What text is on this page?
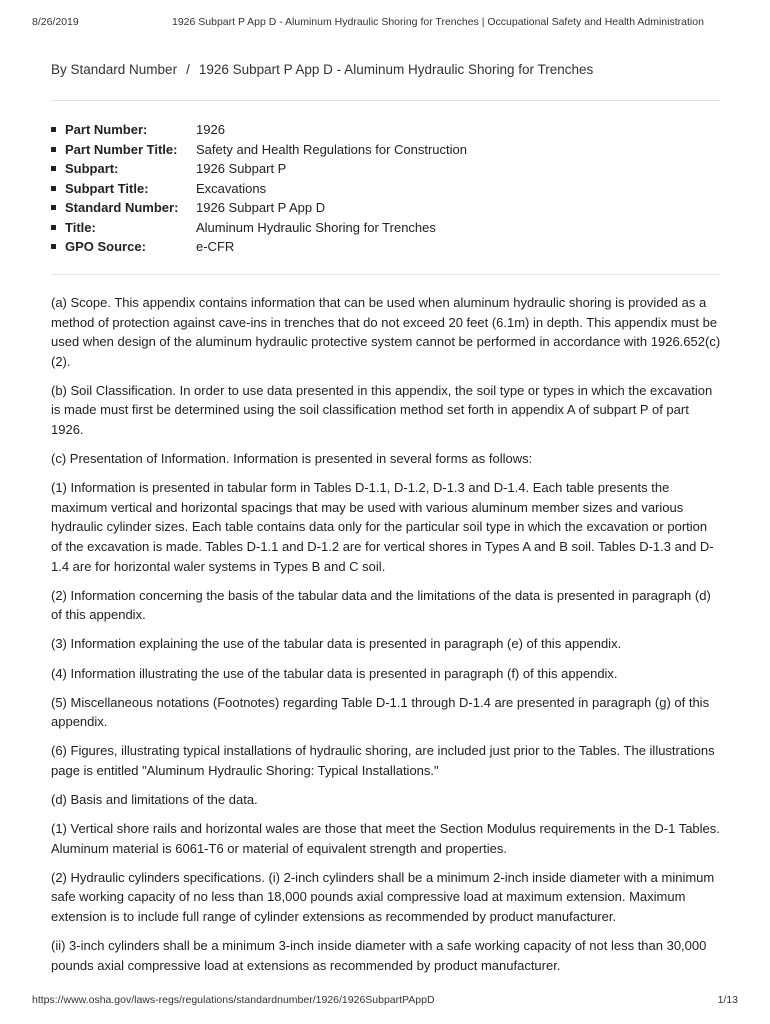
8/26/2019	1926 Subpart P App D - Aluminum Hydraulic Shoring for Trenches | Occupational Safety and Health Administration
By Standard Number / 1926 Subpart P App D - Aluminum Hydraulic Shoring for Trenches
Part Number:	1926
Part Number Title:	Safety and Health Regulations for Construction
Subpart:	1926 Subpart P
Subpart Title:	Excavations
Standard Number:	1926 Subpart P App D
Title:	Aluminum Hydraulic Shoring for Trenches
GPO Source:	e-CFR

(a) Scope. This appendix contains information that can be used when aluminum hydraulic shoring is provided as a method of protection against cave-ins in trenches that do not exceed 20 feet (6.1m) in depth. This appendix must be used when design of the aluminum hydraulic protective system cannot be performed in accordance with 1926.652(c)(2).

(b) Soil Classification. In order to use data presented in this appendix, the soil type or types in which the excavation is made must first be determined using the soil classification method set forth in appendix A of subpart P of part 1926.

(c) Presentation of Information. Information is presented in several forms as follows:

(1) Information is presented in tabular form in Tables D-1.1, D-1.2, D-1.3 and D-1.4. Each table presents the maximum vertical and horizontal spacings that may be used with various aluminum member sizes and various hydraulic cylinder sizes. Each table contains data only for the particular soil type in which the excavation or portion of the excavation is made. Tables D-1.1 and D-1.2 are for vertical shores in Types A and B soil. Tables D-1.3 and D-1.4 are for horizontal waler systems in Types B and C soil.

(2) Information concerning the basis of the tabular data and the limitations of the data is presented in paragraph (d) of this appendix.

(3) Information explaining the use of the tabular data is presented in paragraph (e) of this appendix.

(4) Information illustrating the use of the tabular data is presented in paragraph (f) of this appendix.

(5) Miscellaneous notations (Footnotes) regarding Table D-1.1 through D-1.4 are presented in paragraph (g) of this appendix.

(6) Figures, illustrating typical installations of hydraulic shoring, are included just prior to the Tables. The illustrations page is entitled "Aluminum Hydraulic Shoring: Typical Installations."

(d) Basis and limitations of the data.

(1) Vertical shore rails and horizontal wales are those that meet the Section Modulus requirements in the D-1 Tables. Aluminum material is 6061-T6 or material of equivalent strength and properties.

(2) Hydraulic cylinders specifications. (i) 2-inch cylinders shall be a minimum 2-inch inside diameter with a minimum safe working capacity of no less than 18,000 pounds axial compressive load at maximum extension. Maximum extension is to include full range of cylinder extensions as recommended by product manufacturer.

(ii) 3-inch cylinders shall be a minimum 3-inch inside diameter with a safe working capacity of not less than 30,000 pounds axial compressive load at extensions as recommended by product manufacturer.

https://www.osha.gov/laws-regs/regulations/standardnumber/1926/1926SubpartPAppD	1/13
